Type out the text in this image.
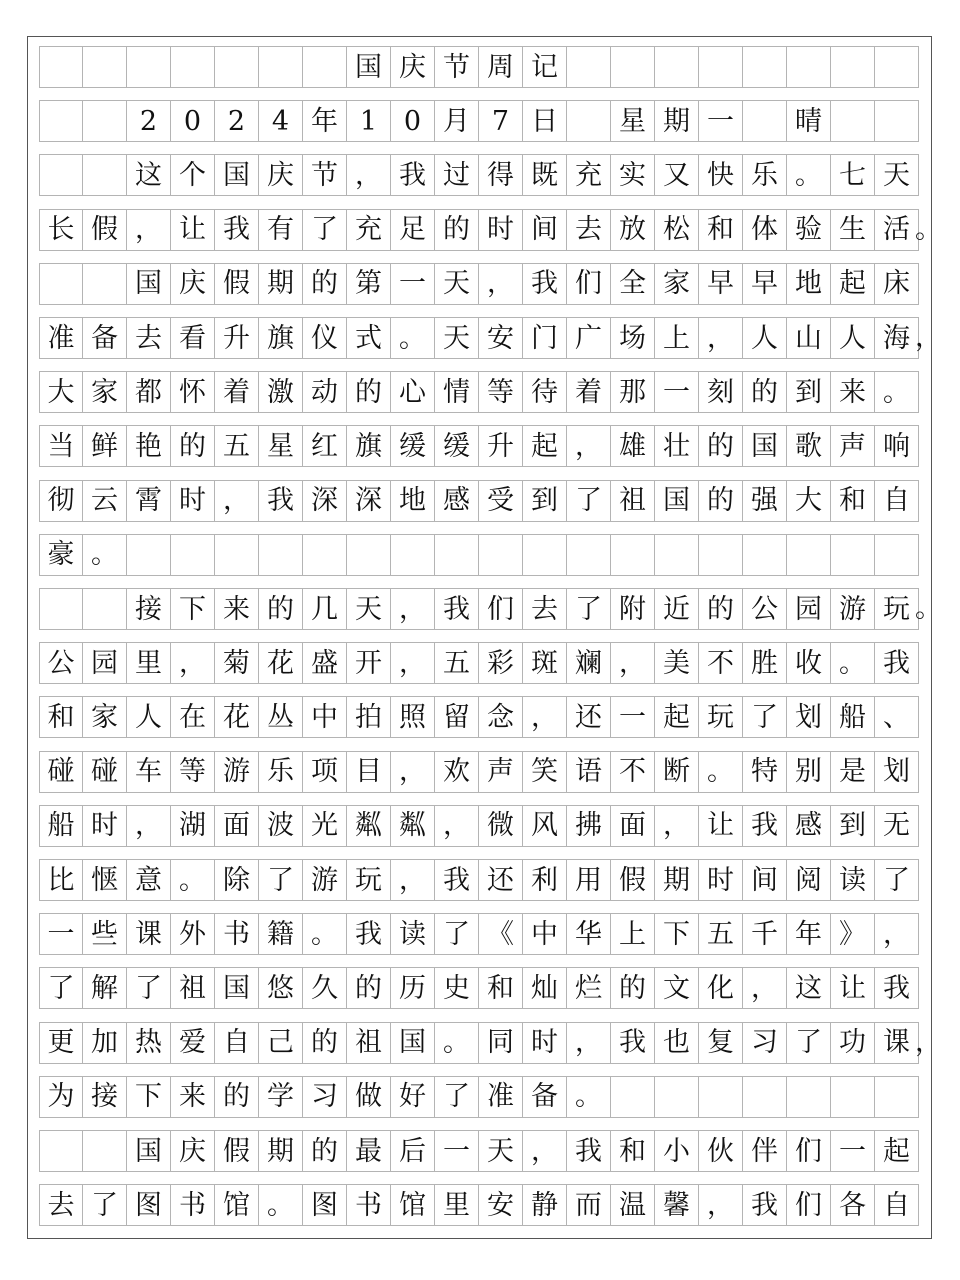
国 庆 节 周 记
2 0 2 4 年 1 0 月 7 日	星 期 一	晴
这 个 国 庆 节 ， 我 过 得 既 充 实 又 快 乐 。 七 天
长 假 ， 让 我 有 了 充 足 的 时 间 去 放 松 和 体 验 生 活 。
国 庆 假 期 的 第 一 天 ， 我 们 全 家 早 早 地 起 床
准 备 去 看 升 旗 仪 式 。 天 安 门 广 场 上 ， 人 山 人 海 ，
大 家 都 怀 着 激 动 的 心 情 等 待 着 那 一 刻 的 到 来 。
当 鲜 艳 的 五 星 红 旗 缓 缓 升 起 ， 雄 壮 的 国 歌 声 响
彻 云 霄 时 ， 我 深 深 地 感 受 到 了 祖 国 的 强 大 和 自
豪 。
接 下 来 的 几 天 ， 我 们 去 了 附 近 的 公 园 游 玩 。
公 园 里 ， 菊 花 盛 开 ， 五 彩 斑 斓 ， 美 不 胜 收 。 我
和 家 人 在 花 丛 中 拍 照 留 念 ， 还 一 起 玩 了 划 船 、
碰 碰 车 等 游 乐 项 目 ， 欢 声 笑 语 不 断 。 特 别 是 划
船 时 ， 湖 面 波 光 粼 粼 ， 微 风 拂 面 ， 让 我 感 到 无
比 惬 意 。 除 了 游 玩 ， 我 还 利 用 假 期 时 间 阅 读 了
一 些 课 外 书 籍 。 我 读 了 《 中 华 上 下 五 千 年 》 ，
了 解 了 祖 国 悠 久 的 历 史 和 灿 烂 的 文 化 ， 这 让 我
更 加 热 爱 自 己 的 祖 国 。 同 时 ， 我 也 复 习 了 功 课 ，
为 接 下 来 的 学 习 做 好 了 准 备 。
国 庆 假 期 的 最 后 一 天 ， 我 和 小 伙 伴 们 一 起
去 了 图 书 馆 。 图 书 馆 里 安 静 而 温 馨 ， 我 们 各 自
